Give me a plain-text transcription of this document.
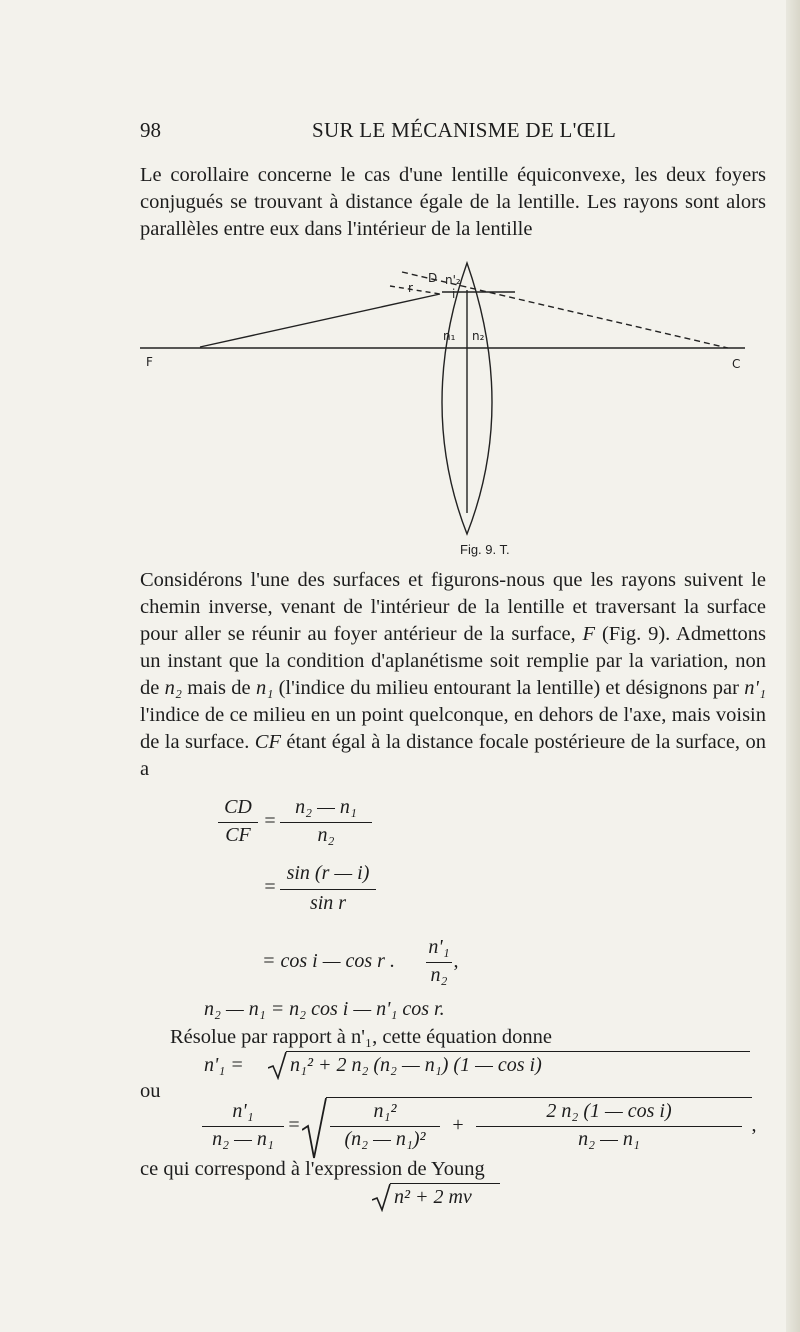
98	SUR LE MÉCANISME DE L'ŒIL

Le corollaire concerne le cas d'une lentille équiconvexe, les deux foyers conjugués se trouvant à distance égale de la lentille. Les rayons sont alors parallèles entre eux dans l'intérieur de la lentille

D
r
n'₂
i
n₁ n₂
F	C
Fig. 9. T.

Considérons l'une des surfaces et figurons-nous que les rayons suivent le chemin inverse, venant de l'intérieur de la lentille et traversant la surface pour aller se réunir au foyer antérieur de la surface, F (Fig. 9). Admettons un instant que la condition d'aplanétisme soit remplie par la variation, non de n₂ mais de n₁ (l'indice du milieu entourant la lentille) et désignons par n'₁ l'indice de ce milieu en un point quelconque, en dehors de l'axe, mais voisin de la surface. CF étant égal à la distance focale postérieure de la surface, on a

CD
CF
=
n₂ — n₁
n₂
=
sin (r — i)
sin r
= cos i — cos r .
n'₁
n₂
,
n₂ — n₁ = n₂ cos i — n'₁ cos r.
Résolue par rapport à n'₁, cette équation donne
n'₁ = n₁² + 2 n₂ (n₂ — n₁) (1 — cos i)
ou
n'₁
n₂ — n₁
=
n₁²
(n₂ — n₁)²
+
2 n₂ (1 — cos i)
n₂ — n₁
,
ce qui correspond à l'expression de Young
n² + 2 mv
